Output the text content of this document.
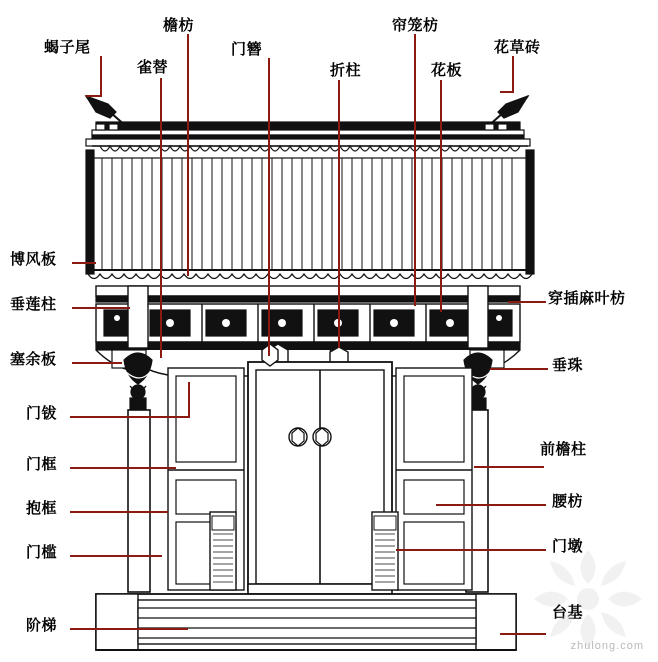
蝎子尾
檐枋
雀替
门簪
折柱
帘笼枋
花板
花草砖
博风板
垂莲柱
塞余板
门钹
门框
抱框
门槛
阶梯
穿插麻叶枋
垂珠
前檐柱
腰枋
门墩
台基
zhulong.com
